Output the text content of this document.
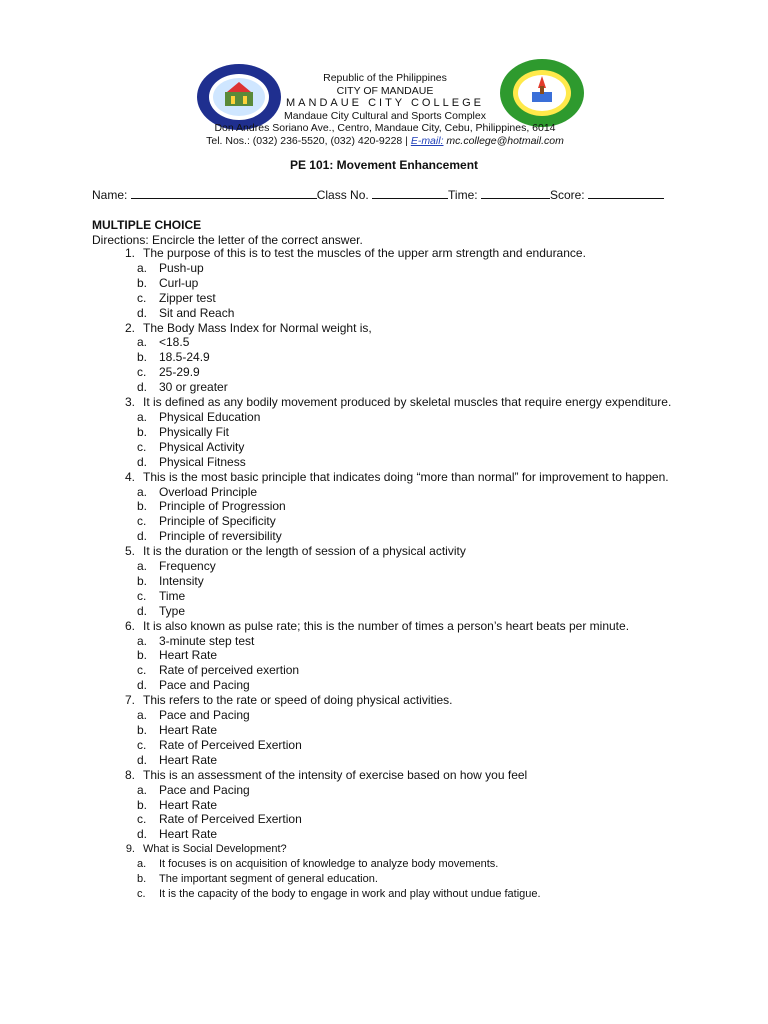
Republic of the Philippines
CITY OF MANDAUE
MANDAUE CITY COLLEGE
Mandaue City Cultural and Sports Complex
Don Andres Soriano Ave., Centro, Mandaue City, Cebu, Philippines, 6014
Tel. Nos.: (032) 236-5520, (032) 420-9228 | E-mail: mc.college@hotmail.com
PE 101: Movement Enhancement
Name:	Class No.	Time:	Score:
MULTIPLE CHOICE
Directions: Encircle the letter of the correct answer.
1. The purpose of this is to test the muscles of the upper arm strength and endurance.
a. Push-up
b. Curl-up
c.	Zipper test
d. Sit and Reach
2. The Body Mass Index for Normal weight is,
a. <18.5
b. 18.5-24.9
c.	25-29.9
d. 30 or greater
3. It is defined as any bodily movement produced by skeletal muscles that require energy expenditure.
a. Physical Education
b. Physically Fit
c.	Physical Activity
d. Physical Fitness
4. This is the most basic principle that indicates doing “more than normal” for improvement to happen.
a. Overload Principle
b. Principle of Progression
c.	Principle of Specificity
d. Principle of reversibility
5. It is the duration or the length of session of a physical activity
a. Frequency
b. Intensity
c.	Time
d. Type
6. It is also known as pulse rate; this is the number of times a person’s heart beats per minute.
a. 3-minute step test
b. Heart Rate
c.	Rate of perceived exertion
d. Pace and Pacing
7. This refers to the rate or speed of doing physical activities.
a. Pace and Pacing
b. Heart Rate
c.	Rate of Perceived Exertion
d. Heart Rate
8. This is an assessment of the intensity of exercise based on how you feel
a. Pace and Pacing
b. Heart Rate
c.	Rate of Perceived Exertion
d. Heart Rate
9. What is Social Development?
a.	It focuses is on acquisition of knowledge to analyze body movements.
b.	The important segment of general education.
c.	It is the capacity of the body to engage in work and play without undue fatigue.
